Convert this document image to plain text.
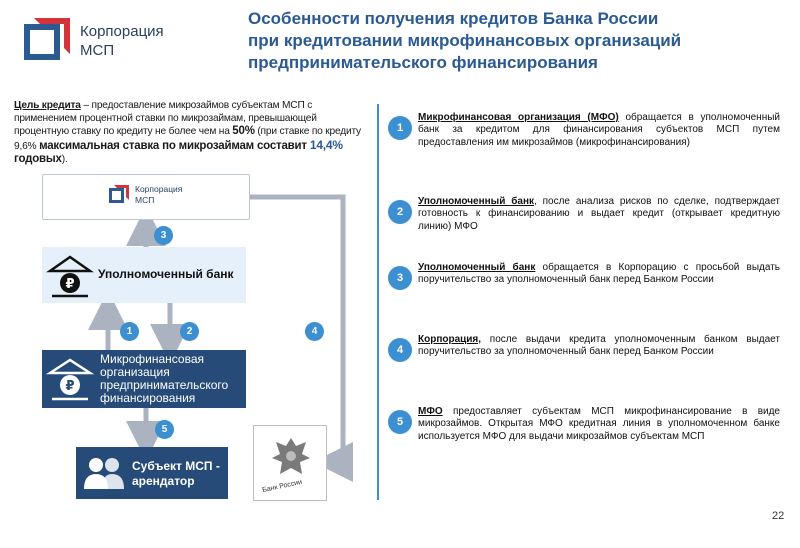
Корпорация
МСП
Особенности получения кредитов Банка России
при кредитовании микрофинансовых организаций
предпринимательского финансирования
Цель кредита – предоставление микрозаймов субъектам МСП с применением процентной ставки по микрозаймам, превышающей процентную ставку по кредиту не более чем на 50% (при ставке по кредиту 9,6% максимальная ставка по микрозаймам составит 14,4% годовых).
Корпорация
МСП
₽
Уполномоченный банк
₽
Микрофинансовая организация предпринимательского финансирования
Субъект МСП - арендатор	Банк России
3
1	2	4
5
1
Микрофинансовая организация (МФО) обращается в уполномоченный банк за кредитом для финансирования субъектов МСП путем предоставления им микрозаймов (микрофинансирования)
2
Уполномоченный банк, после анализа рисков по сделке, подтверждает готовность к финансированию и выдает кредит (открывает кредитную линию) МФО
3
Уполномоченный банк обращается в Корпорацию с просьбой выдать поручительство за уполномоченный банк перед Банком России
4
Корпорация, после выдачи кредита уполномоченным банком выдает поручительство за уполномоченный банк перед Банком России
5
МФО предоставляет субъектам МСП микрофинансирование в виде микрозаймов. Открытая МФО кредитная линия в уполномоченном банке используется МФО для выдачи микрозаймов субъектам МСП
22
